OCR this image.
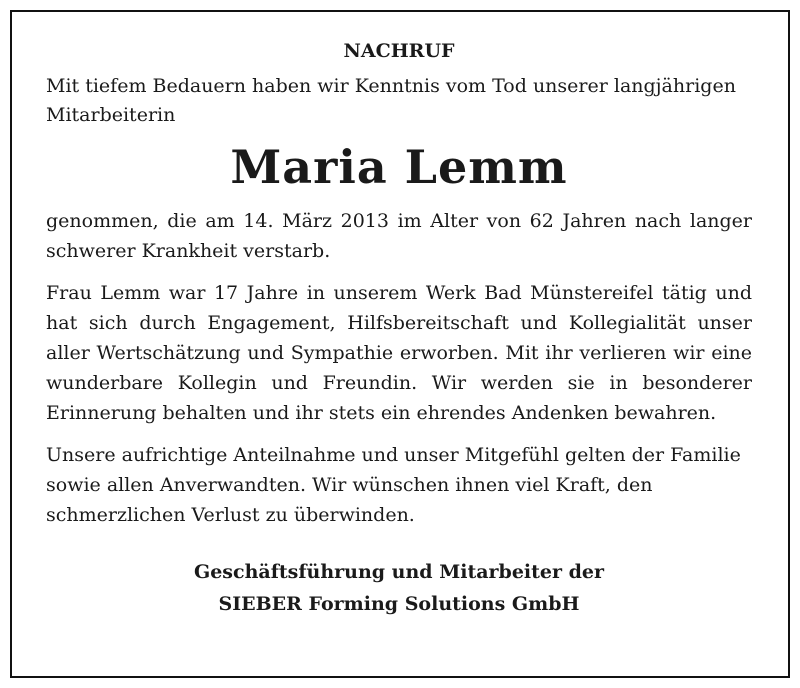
NACHRUF

Mit tiefem Bedauern haben wir Kenntnis vom Tod unserer langjährigen Mitarbeiterin

Maria Lemm

genommen, die am 14. März 2013 im Alter von 62 Jahren nach langer schwerer Krankheit verstarb.

Frau Lemm war 17 Jahre in unserem Werk Bad Münstereifel tätig und hat sich durch Engagement, Hilfsbereitschaft und Kollegialität unser aller Wertschätzung und Sympathie erworben. Mit ihr verlieren wir eine wunderbare Kollegin und Freundin. Wir werden sie in besonderer Erinnerung behalten und ihr stets ein ehrendes Andenken bewahren.

Unsere aufrichtige Anteilnahme und unser Mitgefühl gelten der Familie sowie allen Anverwandten. Wir wünschen ihnen viel Kraft, den schmerzlichen Verlust zu überwinden.

Geschäftsführung und Mitarbeiter der
SIEBER Forming Solutions GmbH
